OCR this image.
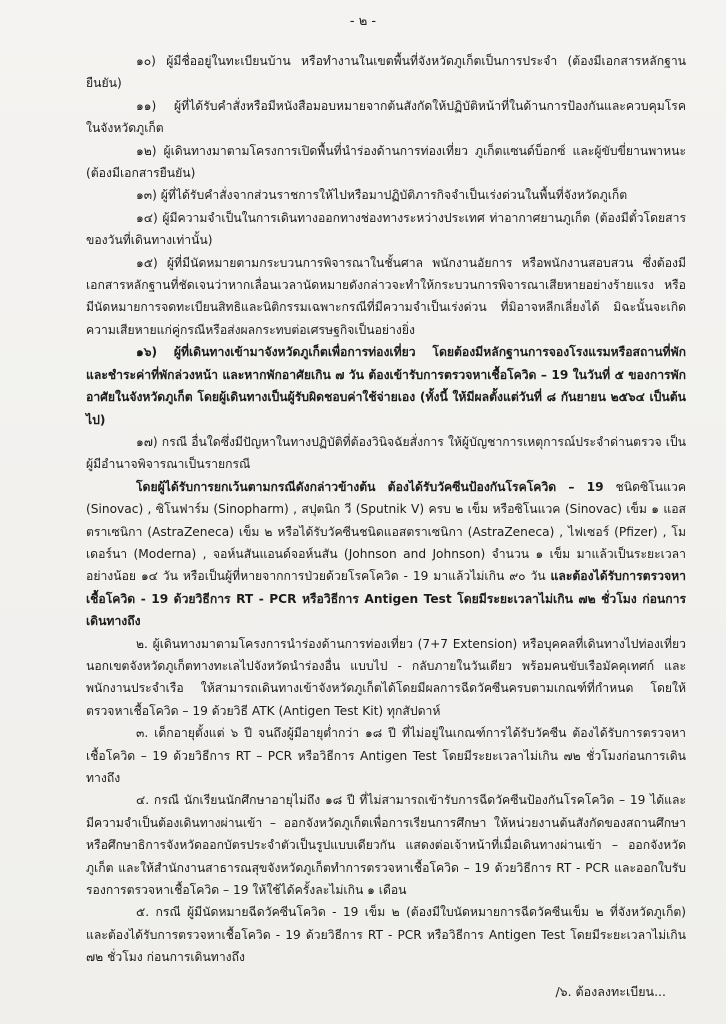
- ๒ -

๑๐) ผู้มีชื่ออยู่ในทะเบียนบ้าน หรือทำงานในเขตพื้นที่จังหวัดภูเก็ตเป็นการประจำ (ต้องมีเอกสารหลักฐานยืนยัน)

๑๑) ผู้ที่ได้รับคำสั่งหรือมีหนังสือมอบหมายจากต้นสังกัดให้ปฏิบัติหน้าที่ในด้านการป้องกันและควบคุมโรคในจังหวัดภูเก็ต

๑๒) ผู้เดินทางมาตามโครงการเปิดพื้นที่นำร่องด้านการท่องเที่ยว ภูเก็ตแซนด์บ็อกซ์ และผู้ขับขี่ยานพาหนะ (ต้องมีเอกสารยืนยัน)

๑๓) ผู้ที่ได้รับคำสั่งจากส่วนราชการให้ไปหรือมาปฏิบัติภารกิจจำเป็นเร่งด่วนในพื้นที่จังหวัดภูเก็ต

๑๔) ผู้มีความจำเป็นในการเดินทางออกทางช่องทางระหว่างประเทศ ท่าอากาศยานภูเก็ต (ต้องมีตั๋วโดยสาร ของวันที่เดินทางเท่านั้น)

๑๕) ผู้ที่มีนัดหมายตามกระบวนการพิจารณาในชั้นศาล พนักงานอัยการ หรือพนักงานสอบสวน ซึ่งต้องมีเอกสารหลักฐานที่ชัดเจนว่าหากเลื่อนเวลานัดหมายดังกล่าวจะทำให้กระบวนการพิจารณาเสียหายอย่างร้ายแรง หรือมีนัดหมายการจดทะเบียนสิทธิและนิติกรรมเฉพาะกรณีที่มีความจำเป็นเร่งด่วน ที่มิอาจหลีกเลี่ยงได้ มิฉะนั้นจะเกิดความเสียหายแก่คู่กรณีหรือส่งผลกระทบต่อเศรษฐกิจเป็นอย่างยิ่ง

๑๖) ผู้ที่เดินทางเข้ามาจังหวัดภูเก็ตเพื่อการท่องเที่ยว โดยต้องมีหลักฐานการจองโรงแรมหรือสถานที่พัก และชำระค่าที่พักล่วงหน้า และหากพักอาศัยเกิน ๗ วัน ต้องเข้ารับการตรวจหาเชื้อโควิด – 19 ในวันที่ ๕ ของการพักอาศัยในจังหวัดภูเก็ต โดยผู้เดินทางเป็นผู้รับผิดชอบค่าใช้จ่ายเอง (ทั้งนี้ ให้มีผลตั้งแต่วันที่ ๘ กันยายน ๒๕๖๔ เป็นต้นไป)

๑๗) กรณี อื่นใดซึ่งมีปัญหาในทางปฏิบัติที่ต้องวินิจฉัยสั่งการ ให้ผู้บัญชาการเหตุการณ์ประจำด่านตรวจ เป็นผู้มีอำนาจพิจารณาเป็นรายกรณี

โดยผู้ได้รับการยกเว้นตามกรณีดังกล่าวข้างต้น ต้องได้รับวัคซีนป้องกันโรคโควิด – 19 ชนิดซิโนแวค (Sinovac) , ซิโนฟาร์ม (Sinopharm) , สปุตนิก วี (Sputnik V) ครบ ๒ เข็ม หรือซิโนแวค (Sinovac) เข็ม ๑ แอสตราเซนิกา (AstraZeneca) เข็ม ๒ หรือได้รับวัคซีนชนิดแอสตราเซนิกา (AstraZeneca) , ไฟเซอร์ (Pfizer) , โมเดอร์นา (Moderna) , จอห์นสันแอนด์จอห์นสัน (Johnson and Johnson) จำนวน ๑ เข็ม มาแล้วเป็นระยะเวลาอย่างน้อย ๑๔ วัน หรือเป็นผู้ที่หายจากการป่วยด้วยโรคโควิด - 19 มาแล้วไม่เกิน ๙๐ วัน และต้องได้รับการตรวจหาเชื้อโควิด - 19 ด้วยวิธีการ RT - PCR หรือวิธีการ Antigen Test โดยมีระยะเวลาไม่เกิน ๗๒ ชั่วโมง ก่อนการเดินทางถึง

๒. ผู้เดินทางมาตามโครงการนำร่องด้านการท่องเที่ยว (7+7 Extension) หรือบุคคลที่เดินทางไปท่องเที่ยวนอกเขตจังหวัดภูเก็ตทางทะเลไปจังหวัดนำร่องอื่น แบบไป - กลับภายในวันเดียว พร้อมคนขับเรือมัคคุเทศก์ และพนักงานประจำเรือ ให้สามารถเดินทางเข้าจังหวัดภูเก็ตได้โดยมีผลการฉีดวัคซีนครบตามเกณฑ์ที่กำหนด โดยให้ตรวจหาเชื้อโควิด – 19 ด้วยวิธี ATK (Antigen Test Kit) ทุกสัปดาห์

๓. เด็กอายุตั้งแต่ ๖ ปี จนถึงผู้มีอายุต่ำกว่า ๑๘ ปี ที่ไม่อยู่ในเกณฑ์การได้รับวัคซีน ต้องได้รับการตรวจหาเชื้อโควิด – 19 ด้วยวิธีการ RT – PCR หรือวิธีการ Antigen Test โดยมีระยะเวลาไม่เกิน ๗๒ ชั่วโมงก่อนการเดินทางถึง

๔. กรณี นักเรียนนักศึกษาอายุไม่ถึง ๑๘ ปี ที่ไม่สามารถเข้ารับการฉีดวัคซีนป้องกันโรคโควิด – 19 ได้และมีความจำเป็นต้องเดินทางผ่านเข้า – ออกจังหวัดภูเก็ตเพื่อการเรียนการศึกษา ให้หน่วยงานต้นสังกัดของสถานศึกษาหรือศึกษาธิการจังหวัดออกบัตรประจำตัวเป็นรูปแบบเดียวกัน แสดงต่อเจ้าหน้าที่เมื่อเดินทางผ่านเข้า – ออกจังหวัดภูเก็ต และให้สำนักงานสาธารณสุขจังหวัดภูเก็ตทำการตรวจหาเชื้อโควิด – 19 ด้วยวิธีการ RT - PCR และออกใบรับรองการตรวจหาเชื้อโควิด – 19 ให้ใช้ได้ครั้งละไม่เกิน ๑ เดือน

๕. กรณี ผู้มีนัดหมายฉีดวัคซีนโควิด - 19 เข็ม ๒ (ต้องมีใบนัดหมายการฉีดวัคซีนเข็ม ๒ ที่จังหวัดภูเก็ต) และต้องได้รับการตรวจหาเชื้อโควิด - 19 ด้วยวิธีการ RT - PCR หรือวิธีการ Antigen Test โดยมีระยะเวลาไม่เกิน ๗๒ ชั่วโมง ก่อนการเดินทางถึง

/๖. ต้องลงทะเบียน...
